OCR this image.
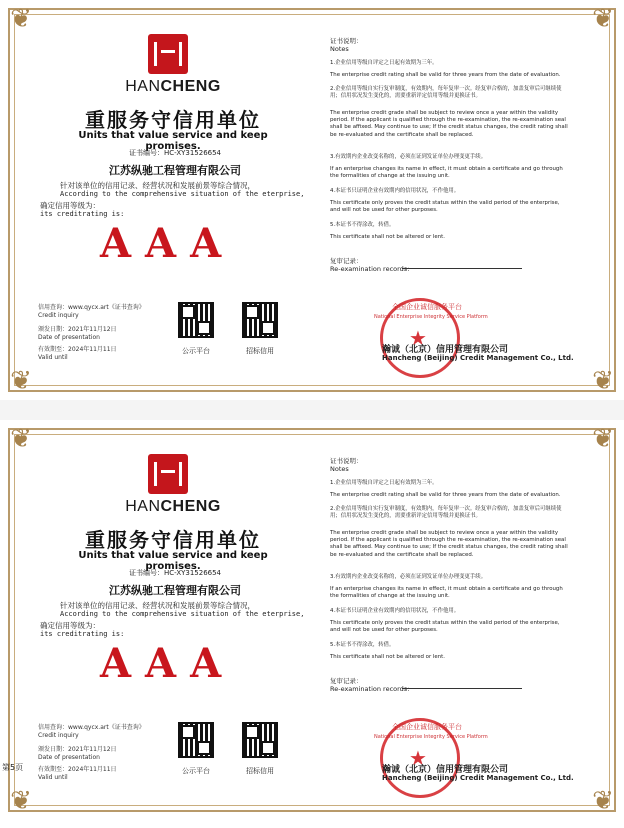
❦	❦
❦	❦
HANCHENG
重服务守信用单位
Units that value service and keep promises.
证书编号：HC-XY31526654
江苏纵驰工程管理有限公司
针对该单位的信用记录、经营状况和发展前景等综合情况，
According to the comprehensive situation of the eterprise,
确定信用等级为：
its creditrating is:
AAA
信用查询：www.qycx.art《证书查询》
Credit inquiry
颁发日期：2021年11月12日
Date of presentation
有效期至：2024年11月11日
Valid until
公示平台	招标信用
证书说明：
Notes
1.企业信用等级自评定之日起有效期为三年。
The enterprise credit rating shall be valid for three years from the date of evaluation.
2.企业信用等级自实行复审制度，有效期内，每年复审一次。经复审合格的，加盖复审后可继续使用；信用状况发生变化的，需要重新评定信用等级并更换证书。
The enterprise credit grade shall be subject to review once a year within the validity period. If the applicant is qualified through the re-examination, the re-examination seal shall be affixed. May continue to use; If the credit status changes, the credit rating shall be re-evaluated and the certificate shall be replaced.
3.有效期内企业改变名称的，必须在证到发证单位办理变更手续。
If an enterprise changes its name in effect, it must obtain a certificate and go through the formalities of change at the issuing unit.
4.本证书只证明企业有效期内的信用状况，不作他用。
This certificate only proves the credit status within the valid period of the enterprise, and will not be used for other purposes.
5.本证书不得涂改，转借。
This certificate shall not be altered or lent.
复审记录：
Re-examination records:
★
全国企业诚信服务平台
National Enterprise Integrity Service Platform
瀚诚（北京）信用管理有限公司
Hancheng (Beijing) Credit Management Co., Ltd.
❦	❦
❦	❦
HANCHENG
重服务守信用单位
Units that value service and keep promises.
证书编号：HC-XY31526654
江苏纵驰工程管理有限公司
针对该单位的信用记录、经营状况和发展前景等综合情况，
According to the comprehensive situation of the eterprise,
确定信用等级为：
its creditrating is:
AAA
信用查询：www.qycx.art《证书查询》
Credit inquiry
颁发日期：2021年11月12日
Date of presentation
有效期至：2024年11月11日
Valid until
公示平台	招标信用
证书说明：
Notes
1.企业信用等级自评定之日起有效期为三年。
The enterprise credit rating shall be valid for three years from the date of evaluation.
2.企业信用等级自实行复审制度，有效期内，每年复审一次。经复审合格的，加盖复审后可继续使用；信用状况发生变化的，需要重新评定信用等级并更换证书。
The enterprise credit grade shall be subject to review once a year within the validity period. If the applicant is qualified through the re-examination, the re-examination seal shall be affixed. May continue to use; If the credit status changes, the credit rating shall be re-evaluated and the certificate shall be replaced.
3.有效期内企业改变名称的，必须在证到发证单位办理变更手续。
If an enterprise changes its name in effect, it must obtain a certificate and go through the formalities of change at the issuing unit.
4.本证书只证明企业有效期内的信用状况，不作他用。
This certificate only proves the credit status within the valid period of the enterprise, and will not be used for other purposes.
5.本证书不得涂改，转借。
This certificate shall not be altered or lent.
复审记录：
Re-examination records:
★
全国企业诚信服务平台
National Enterprise Integrity Service Platform
瀚诚（北京）信用管理有限公司
Hancheng (Beijing) Credit Management Co., Ltd.
第5页
